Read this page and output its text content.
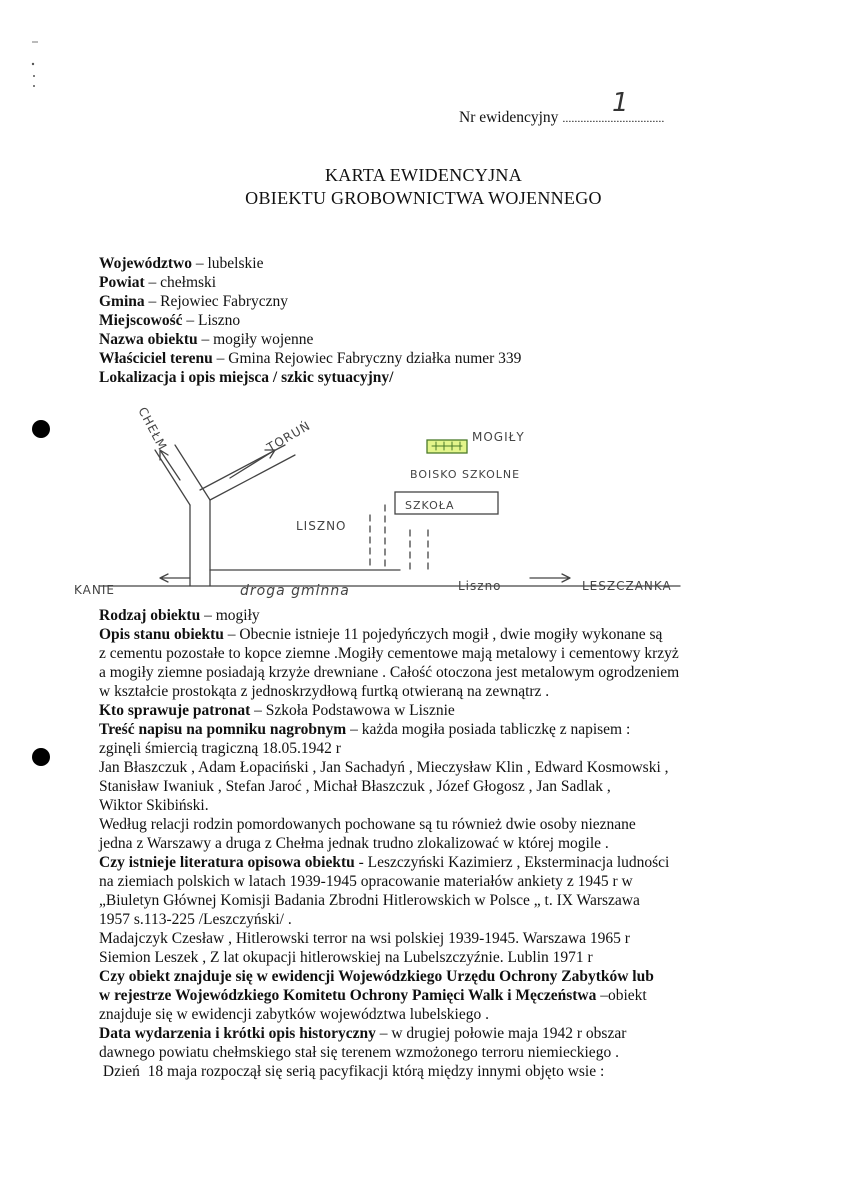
Nr ewidencyjny ..................................
1
KARTA EWIDENCYJNA
OBIEKTU GROBOWNICTWA WOJENNEGO
Województwo – lubelskie
Powiat – chełmski
Gmina – Rejowiec Fabryczny
Miejscowość – Liszno
Nazwa obiektu – mogiły wojenne
Właściciel terenu – Gmina Rejowiec Fabryczny działka numer 339
Lokalizacja i opis miejsca / szkic sytuacyjny/
CHEŁM	TORUŃ	MOGIŁY
BOISKO SZKOLNE
SZKOŁA
LISZNO
KANIE	droga gminna	Liszno	LESZCZANKA
Rodzaj obiektu – mogiły
Opis stanu obiektu – Obecnie istnieje 11 pojedyńczych mogił , dwie mogiły wykonane są
z cementu pozostałe to kopce ziemne .Mogiły cementowe mają metalowy i cementowy krzyż
a mogiły ziemne posiadają krzyże drewniane . Całość otoczona jest metalowym ogrodzeniem
w kształcie prostokąta z jednoskrzydłową furtką otwieraną na zewnątrz .
Kto sprawuje patronat – Szkoła Podstawowa w Lisznie
Treść napisu na pomniku nagrobnym – każda mogiła posiada tabliczkę z napisem :
zginęli śmiercią tragiczną 18.05.1942 r
Jan Błaszczuk , Adam Łopaciński , Jan Sachadyń , Mieczysław Klin , Edward Kosmowski ,
Stanisław Iwaniuk , Stefan Jaroć , Michał Błaszczuk , Józef Głogosz , Jan Sadlak ,
Wiktor Skibiński.
Według relacji rodzin pomordowanych pochowane są tu również dwie osoby nieznane
jedna z Warszawy a druga z Chełma jednak trudno zlokalizować w której mogile .
Czy istnieje literatura opisowa obiektu - Leszczyński Kazimierz , Eksterminacja ludności
na ziemiach polskich w latach 1939-1945 opracowanie materiałów ankiety z 1945 r w
„Biuletyn Głównej Komisji Badania Zbrodni Hitlerowskich w Polsce „ t. IX Warszawa
1957 s.113-225 /Leszczyński/ .
Madajczyk Czesław , Hitlerowski terror na wsi polskiej 1939-1945. Warszawa 1965 r
Siemion Leszek , Z lat okupacji hitlerowskiej na Lubelszczyźnie. Lublin 1971 r
Czy obiekt znajduje się w ewidencji Wojewódzkiego Urzędu Ochrony Zabytków lub
w rejestrze Wojewódzkiego Komitetu Ochrony Pamięci Walk i Męczeństwa –obiekt
znajduje się w ewidencji zabytków województwa lubelskiego .
Data wydarzenia i krótki opis historyczny – w drugiej połowie maja 1942 r obszar
dawnego powiatu chełmskiego stał się terenem wzmożonego terroru niemieckiego .
Dzień  18 maja rozpoczął się serią pacyfikacji którą między innymi objęto wsie :
